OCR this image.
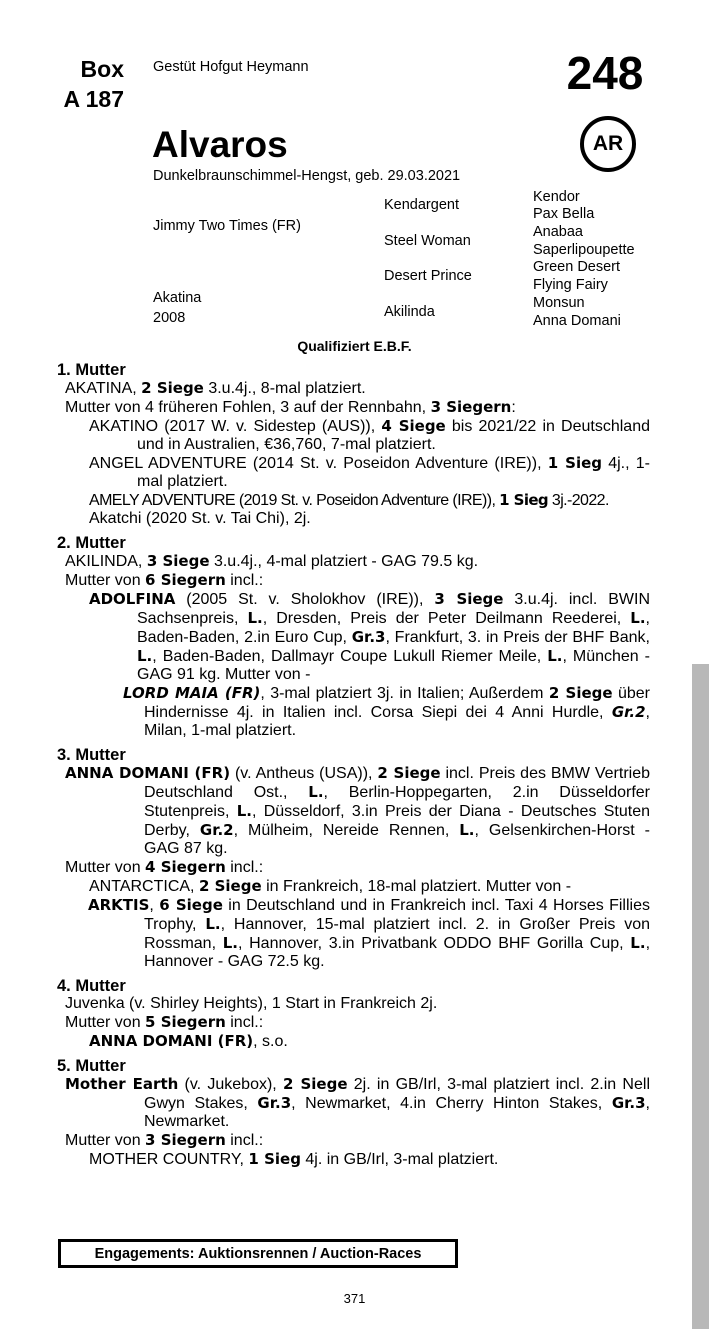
Box
A 187
Gestüt Hofgut Heymann	248
Alvaros	AR
Dunkelbraunschimmel-Hengst, geb. 29.03.2021
Jimmy Two Times (FR)
Akatina
2008
Kendargent
Steel Woman
Desert Prince
Akilinda
Kendor
Pax Bella
Anabaa
Saperlipoupette
Green Desert
Flying Fairy
Monsun
Anna Domani
Qualifiziert E.B.F.
1. Mutter
AKATINA, 2 Siege 3.u.4j., 8-mal platziert.
Mutter von 4 früheren Fohlen, 3 auf der Rennbahn, 3 Siegern:
AKATINO (2017 W. v. Sidestep (AUS)), 4 Siege bis 2021/22 in Deutschland und in Australien, €36,760, 7-mal platziert.
ANGEL ADVENTURE (2014 St. v. Poseidon Adventure (IRE)), 1 Sieg 4j., 1-mal platziert.
AMELY ADVENTURE (2019 St. v. Poseidon Adventure (IRE)), 1 Sieg 3j.-2022.
Akatchi (2020 St. v. Tai Chi), 2j.
2. Mutter
AKILINDA, 3 Siege 3.u.4j., 4-mal platziert - GAG 79.5 kg.
Mutter von 6 Siegern incl.:
ADOLFINA (2005 St. v. Sholokhov (IRE)), 3 Siege 3.u.4j. incl. BWIN Sachsenpreis, L., Dresden, Preis der Peter Deilmann Reederei, L., Baden-Baden, 2.in Euro Cup, Gr.3, Frankfurt, 3. in Preis der BHF Bank, L., Baden-Baden, Dallmayr Coupe Lukull Riemer Meile, L., München - GAG 91 kg. Mutter von -
LORD MAIA (FR), 3-mal platziert 3j. in Italien; Außerdem 2 Siege über Hindernisse 4j. in Italien incl. Corsa Siepi dei 4 Anni Hurdle, Gr.2, Milan, 1-mal platziert.
3. Mutter
ANNA DOMANI (FR) (v. Antheus (USA)), 2 Siege incl. Preis des BMW Vertrieb Deutschland Ost., L., Berlin-Hoppegarten, 2.in Düsseldorfer Stutenpreis, L., Düsseldorf, 3.in Preis der Diana - Deutsches Stuten Derby, Gr.2, Mülheim, Nereide Rennen, L., Gelsenkirchen-Horst - GAG 87 kg.
Mutter von 4 Siegern incl.:
ANTARCTICA, 2 Siege in Frankreich, 18-mal platziert. Mutter von -
ARKTIS, 6 Siege in Deutschland und in Frankreich incl. Taxi 4 Horses Fillies Trophy, L., Hannover, 15-mal platziert incl. 2. in Großer Preis von Rossman, L., Hannover, 3.in Privatbank ODDO BHF Gorilla Cup, L., Hannover - GAG 72.5 kg.
4. Mutter
Juvenka (v. Shirley Heights), 1 Start in Frankreich 2j.
Mutter von 5 Siegern incl.:
ANNA DOMANI (FR), s.o.
5. Mutter
Mother Earth (v. Jukebox), 2 Siege 2j. in GB/Irl, 3-mal platziert incl. 2.in Nell Gwyn Stakes, Gr.3, Newmarket, 4.in Cherry Hinton Stakes, Gr.3, Newmarket.
Mutter von 3 Siegern incl.:
MOTHER COUNTRY, 1 Sieg 4j. in GB/Irl, 3-mal platziert.
Engagements: Auktionsrennen / Auction-Races
371
